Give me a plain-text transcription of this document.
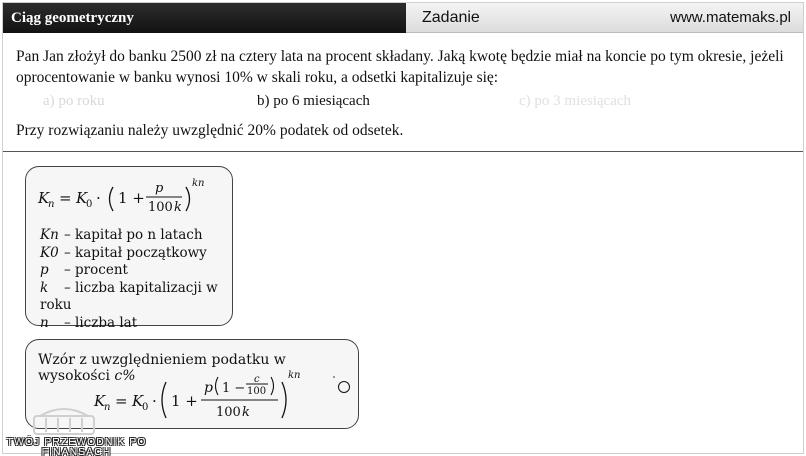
Ciąg geometryczny	Zadanie	www.matemaks.pl

Pan Jan złożył do banku 2500 zł na cztery lata na procent składany. Jaką kwotę będzie miał na koncie po tym okresie, jeżeli oprocentowanie w banku wynosi 10% w skali roku, a odsetki kapitalizuje się:

a) po roku	b) po 6 miesiącach	c) po 3 miesiącach

Przy rozwiązaniu należy uwzględnić 20% podatek od odsetek.

K
n = K
0 · 1 +
p
100 k
kn
Kn – kapitał po n latach
K0 – kapitał początkowy
p – procent
k – liczba kapitalizacji w roku
n – liczba lat
Wzór z uwzględnieniem podatku w wysokości c%
K
n = K
0 · 1 +
p 1 −
c
100
100 k
kn
TWÓJ PRZEWODNIK PO
FINANSACH
